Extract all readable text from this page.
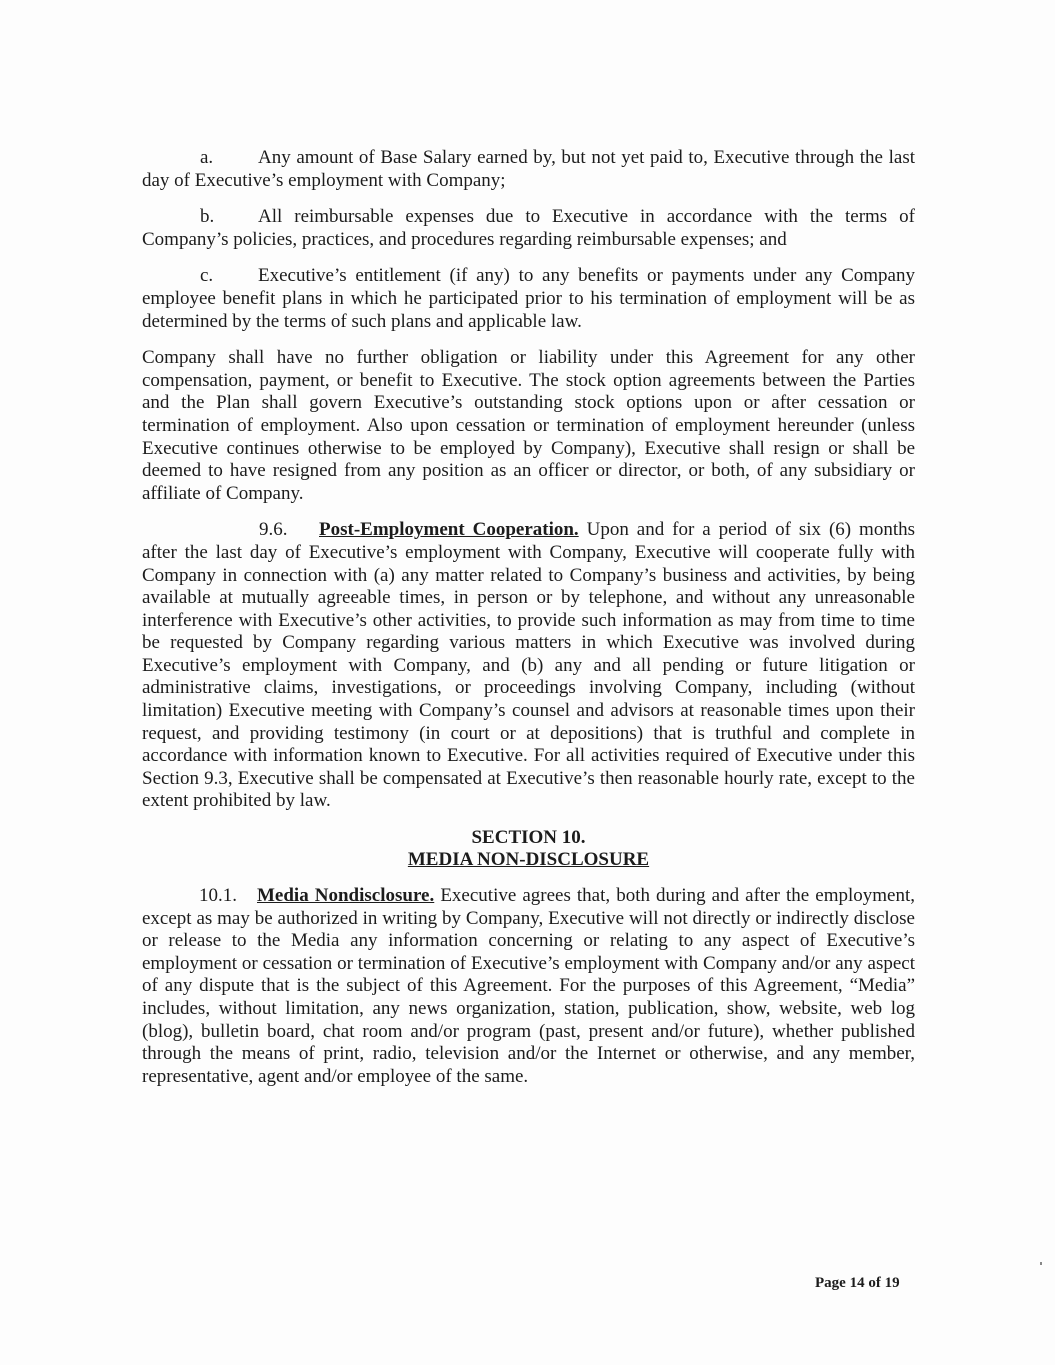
a. Any amount of Base Salary earned by, but not yet paid to, Executive through the last day of Executive’s employment with Company;

b. All reimbursable expenses due to Executive in accordance with the terms of Company’s policies, practices, and procedures regarding reimbursable expenses; and

c. Executive’s entitlement (if any) to any benefits or payments under any Company employee benefit plans in which he participated prior to his termination of employment will be as determined by the terms of such plans and applicable law.

Company shall have no further obligation or liability under this Agreement for any other compensation, payment, or benefit to Executive. The stock option agreements between the Parties and the Plan shall govern Executive’s outstanding stock options upon or after cessation or termination of employment. Also upon cessation or termination of employment hereunder (unless Executive continues otherwise to be employed by Company), Executive shall resign or shall be deemed to have resigned from any position as an officer or director, or both, of any subsidiary or affiliate of Company.

9.6. Post-Employment Cooperation. Upon and for a period of six (6) months after the last day of Executive’s employment with Company, Executive will cooperate fully with Company in connection with (a) any matter related to Company’s business and activities, by being available at mutually agreeable times, in person or by telephone, and without any unreasonable interference with Executive’s other activities, to provide such information as may from time to time be requested by Company regarding various matters in which Executive was involved during Executive’s employment with Company, and (b) any and all pending or future litigation or administrative claims, investigations, or proceedings involving Company, including (without limitation) Executive meeting with Company’s counsel and advisors at reasonable times upon their request, and providing testimony (in court or at depositions) that is truthful and complete in accordance with information known to Executive. For all activities required of Executive under this Section 9.3, Executive shall be compensated at Executive’s then reasonable hourly rate, except to the extent prohibited by law.

SECTION 10.
MEDIA NON-DISCLOSURE

10.1. Media Nondisclosure. Executive agrees that, both during and after the employment, except as may be authorized in writing by Company, Executive will not directly or indirectly disclose or release to the Media any information concerning or relating to any aspect of Executive’s employment or cessation or termination of Executive’s employment with Company and/or any aspect of any dispute that is the subject of this Agreement. For the purposes of this Agreement, “Media” includes, without limitation, any news organization, station, publication, show, website, web log (blog), bulletin board, chat room and/or program (past, present and/or future), whether published through the means of print, radio, television and/or the Internet or otherwise, and any member, representative, agent and/or employee of the same.

Page 14 of 19
